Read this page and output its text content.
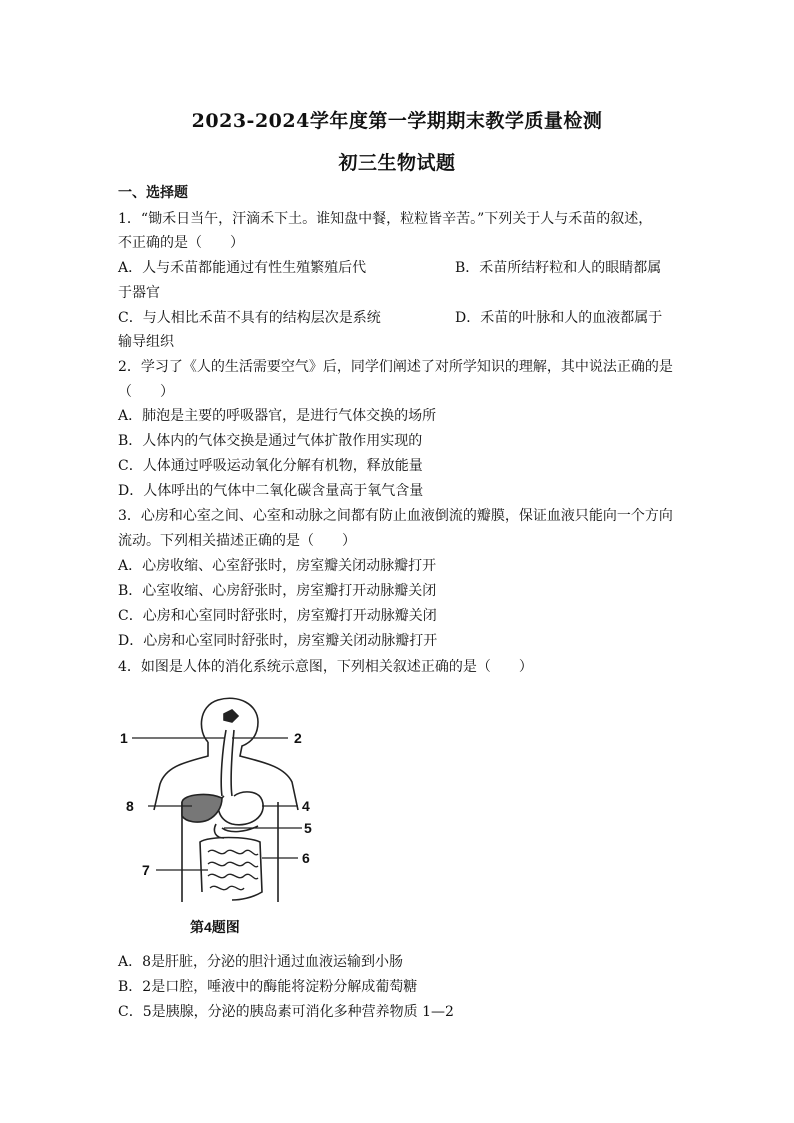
2023-2024学年度第一学期期末教学质量检测
初三生物试题
一、选择题
1．“锄禾日当午，汗滴禾下土。谁知盘中餐，粒粒皆辛苦。”下列关于人与禾苗的叙述，
不正确的是（　　）
A．人与禾苗都能通过有性生殖繁殖后代	B．禾苗所结籽粒和人的眼睛都属
于器官
C．与人相比禾苗不具有的结构层次是系统	D．禾苗的叶脉和人的血液都属于
输导组织
2．学习了《人的生活需要空气》后，同学们阐述了对所学知识的理解，其中说法正确的是
（　　）
A．肺泡是主要的呼吸器官，是进行气体交换的场所
B．人体内的气体交换是通过气体扩散作用实现的
C．人体通过呼吸运动氧化分解有机物，释放能量
D．人体呼出的气体中二氧化碳含量高于氧气含量
3．心房和心室之间、心室和动脉之间都有防止血液倒流的瓣膜，保证血液只能向一个方向
流动。下列相关描述正确的是（　　）
A．心房收缩、心室舒张时，房室瓣关闭动脉瓣打开
B．心室收缩、心房舒张时，房室瓣打开动脉瓣关闭
C．心房和心室同时舒张时，房室瓣打开动脉瓣关闭
D．心房和心室同时舒张时，房室瓣关闭动脉瓣打开
4．如图是人体的消化系统示意图，下列相关叙述正确的是（　　）
1	2
4
5
6
7
8
第4题图
A．8是肝脏，分泌的胆汁通过血液运输到小肠
B．2是口腔，唾液中的酶能将淀粉分解成葡萄糖
C．5是胰腺，分泌的胰岛素可消化多种营养物质 1—2
